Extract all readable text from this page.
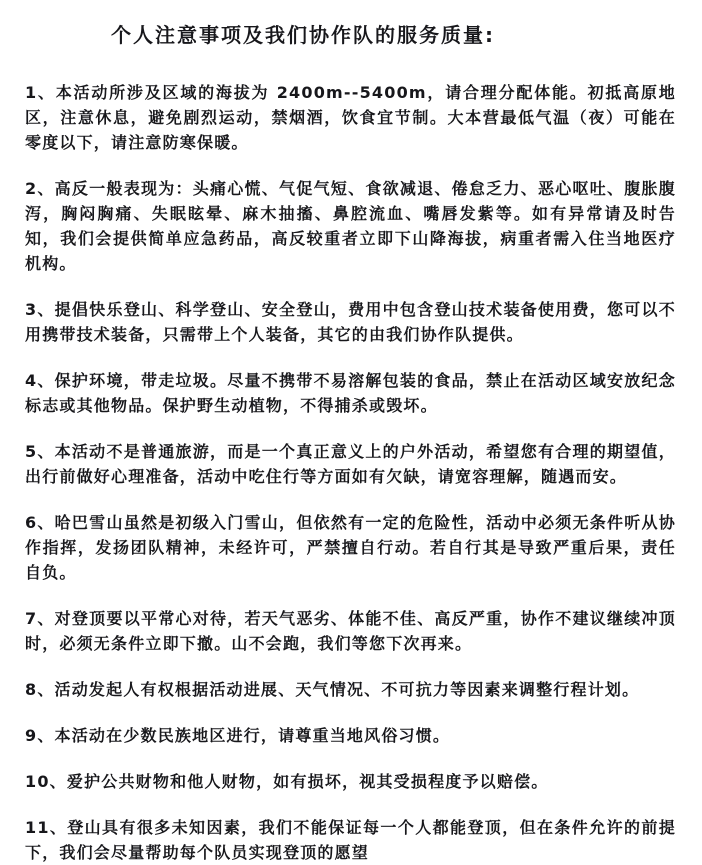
个人注意事项及我们协作队的服务质量:

1、本活动所涉及区域的海拔为 2400m--5400m，请合理分配体能。初抵高原地区，注意休息，避免剧烈运动，禁烟酒，饮食宜节制。大本营最低气温（夜）可能在零度以下，请注意防寒保暖。

2、高反一般表现为：头痛心慌、气促气短、食欲减退、倦怠乏力、恶心呕吐、腹胀腹泻，胸闷胸痛、失眠眩晕、麻木抽搐、鼻腔流血、嘴唇发紫等。如有异常请及时告知，我们会提供简单应急药品，高反较重者立即下山降海拔，病重者需入住当地医疗机构。

3、提倡快乐登山、科学登山、安全登山，费用中包含登山技术装备使用费，您可以不用携带技术装备，只需带上个人装备，其它的由我们协作队提供。

4、保护环境，带走垃圾。尽量不携带不易溶解包装的食品，禁止在活动区域安放纪念标志或其他物品。保护野生动植物，不得捕杀或毁坏。

5、本活动不是普通旅游，而是一个真正意义上的户外活动，希望您有合理的期望值，出行前做好心理准备，活动中吃住行等方面如有欠缺，请宽容理解，随遇而安。

6、哈巴雪山虽然是初级入门雪山，但依然有一定的危险性，活动中必须无条件听从协作指挥，发扬团队精神，未经许可，严禁擅自行动。若自行其是导致严重后果，责任自负。

7、对登顶要以平常心对待，若天气恶劣、体能不佳、高反严重，协作不建议继续冲顶时，必须无条件立即下撤。山不会跑，我们等您下次再来。

8、活动发起人有权根据活动进展、天气情况、不可抗力等因素来调整行程计划。

9、本活动在少数民族地区进行，请尊重当地风俗习惯。

10、爱护公共财物和他人财物，如有损坏，视其受损程度予以赔偿。

11、登山具有很多未知因素，我们不能保证每一个人都能登顶，但在条件允许的前提下，我们会尽量帮助每个队员实现登顶的愿望
